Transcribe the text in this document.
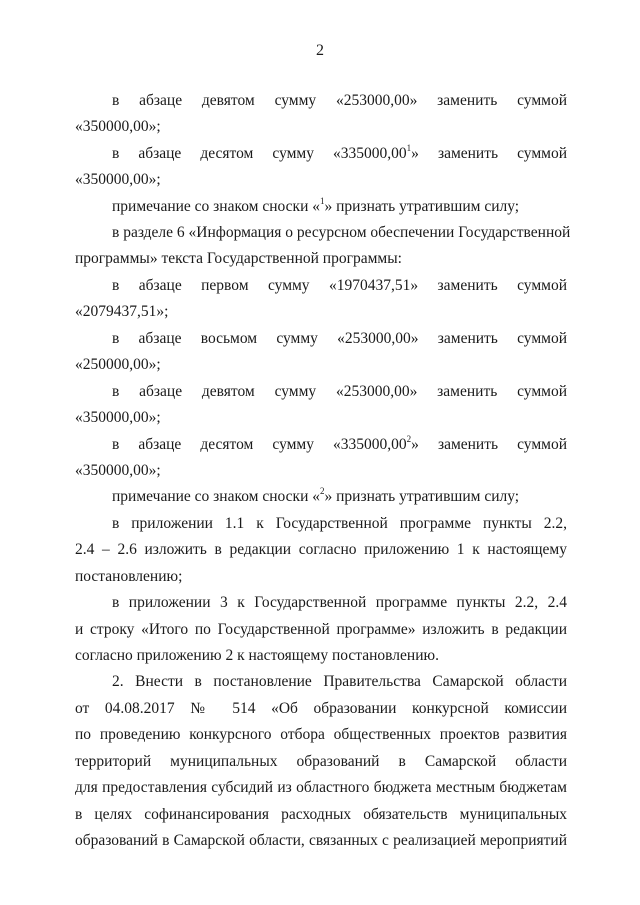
2
в абзаце девятом сумму «253000,00» заменить суммой
«350000,00»;
в абзаце десятом сумму «335000,00$^1$» заменить суммой
«350000,00»;
примечание со знаком сноски «$^1$» признать утратившим силу;
в разделе 6 «Информация о ресурсном обеспечении Государственной
программы» текста Государственной программы:
в абзаце первом сумму «1970437,51» заменить суммой
«2079437,51»;
в абзаце восьмом сумму «253000,00» заменить суммой
«250000,00»;
в абзаце девятом сумму «253000,00» заменить суммой
«350000,00»;
в абзаце десятом сумму «335000,00$^2$» заменить суммой
«350000,00»;
примечание со знаком сноски «$^2$» признать утратившим силу;
в приложении 1.1 к Государственной программе пункты 2.2,
2.4 – 2.6 изложить в редакции согласно приложению 1 к настоящему
постановлению;
в приложении 3 к Государственной программе пункты 2.2, 2.4
и строку «Итого по Государственной программе» изложить в редакции
согласно приложению 2 к настоящему постановлению.
2. Внести в постановление Правительства Самарской области
от 04.08.2017 № 514 «Об образовании конкурсной комиссии
по проведению конкурсного отбора общественных проектов развития
территорий муниципальных образований в Самарской области
для предоставления субсидий из областного бюджета местным бюджетам
в целях софинансирования расходных обязательств муниципальных
образований в Самарской области, связанных с реализацией мероприятий
